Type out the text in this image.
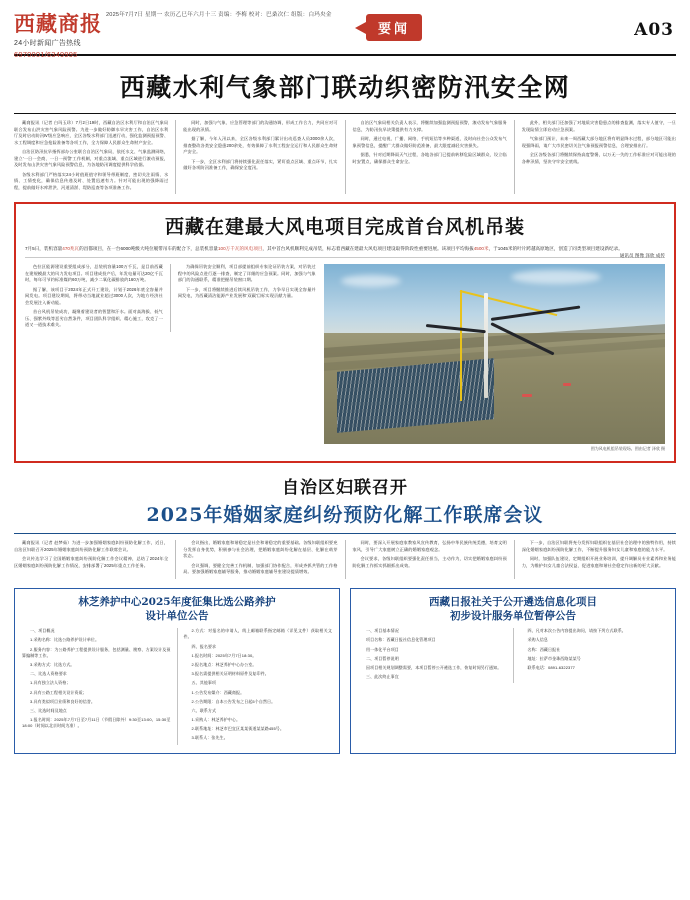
西藏商报
24小时新闻广告热线
6970001/6349995
2025年7月7日 星期一 农历乙巳年六月十三 责编：李梅 校对：巴桑次仁 组版：白玛央金
要闻	A03
西藏水利气象部门联动织密防汛安全网

藏商报讯（记者 白玛玉珍）7月2日19时，西藏自治区水利厅和自治区气象局联合发布山洪灾害气象风险预警。为进一步做好防御水旱灾害工作，自治区水利厅及时启动防汛Ⅳ级应急响应，全区各级水利部门迅速行动，强化监测预报预警、水工程调度和应急抢险准备等各项工作，全力保障人民群众生命财产安全。

自治区防汛抗旱指挥部办公室联合自治区气象局，依托水文、气象监测网络，建立'一日一会商、一日一预警'工作机制，对重点流域、重点区域进行滚动预报，及时发布山洪灾害气象风险预警信息，为各地防汛调度提供科学依据。

各级水利部门严格落实24小时值班值守和领导带班制度，密切关注雨情、水情、工情变化，确保信息传递及时、处置迅速有力。针对可能出现的强降雨过程，提前做好水库泄洪、河道清淤、堤防巡查等各项准备工作。

同时，加强与气象、应急管理等部门的沟通协调，形成工作合力，共同应对可能出现的汛情。

据了解，今年入汛以来，全区各级水利部门累计出动巡查人员3000余人次，排查整改各类安全隐患200余处，有效保障了水利工程安全运行和人民群众生命财产安全。

下一步，全区水利部门将持续强化责任落实，紧盯重点区域、重点环节，扎实做好各项防汛准备工作，确保安全度汛。

自治区气象局相关负责人表示，将继续加强监测预报预警，滚动发布气象服务信息，为防汛抗旱决策提供有力支撑。

同时，通过电视、广播、网络、手机短信等多种渠道，及时向社会公众发布气象预警信息，提醒广大群众做好防范准备，最大限度减轻灾害损失。

据悉，针对近期降雨天气过程，各地各部门已提前转移危险区域群众，设立临时安置点，确保群众生命安全。

此外，相关部门还加强了对地质灾害隐患点的排查监测，落实专人值守，一旦发现险情立即启动应急预案。

气象部门预计，未来一周西藏大部分地区将有明显降水过程，部分地区可能出现强降雨，请广大市民密切关注气象预报预警信息，合理安排出行。

全区各级各部门将继续保持高度警惕，以万无一失的工作标准应对可能出现的各种汛情，坚决守牢安全底线。

西藏在建最大风电项目完成首台风机吊装
7月5日，装机容量470兆瓦的昌都项目，在一台6000吨级大吨位履带吊车的配合下，总装机容量100万千瓦的风电项目，其中首台风机顺利完成吊装，标志着西藏在建最大风电项目建设取得阶段性重要进展。该项目平均海拔4500米，于1045米的叶片跨越高原地区，创造了同类型项目建设新纪录。
通讯员 图像 泽欣 成传

色拉区能源建设重要组成部分，总装机容量100万千瓦，是目前西藏在建规模最大的风力发电项目。项目建成投产后，年发电量可达20亿千瓦时，每年可节约标准煤约60万吨，减少二氧化碳排放约160万吨。

据了解，该项目于2024年正式开工建设，计划于2026年底全容量并网发电。项目建设期间，将带动当地就业超过3000人次，为地方经济社会发展注入新动能。

首台风机吊装成功，凝聚着建设者的智慧和汗水。面对高海拔、低气压、强紫外线等恶劣自然条件，项目团队科学组织、精心施工，攻克了一道又一道技术难关。

为确保吊装安全顺利，项目部提前组织专家论证吊装方案，对吊装过程中的风险点进行逐一排查，制定了详细的应急预案。同时，加强与气象部门的沟通联系，精准把握吊装窗口期。

下一步，项目将继续推进后续风机吊装工作，力争早日实现全容量并网发电，为西藏清洁能源产业发展和'双碳'目标实现贡献力量。

图为风电机组吊装现场。图由记者 泽欣 摄
自治区妇联召开
2025年婚姻家庭纠纷预防化解工作联席会议

藏商报讯（记者 赵梦茹）为进一步加强婚姻家庭纠纷预防化解工作，近日，自治区妇联召开2025年婚姻家庭纠纷预防化解工作联席会议。

会议传达学习了全国婚姻家庭纠纷预防化解工作会议精神，总结了2024年全区婚姻家庭纠纷预防化解工作情况，安排部署了2025年重点工作任务。

会议指出，婚姻家庭和谐稳定是社会和谐稳定的重要基础。各级妇联组织要充分发挥自身优势，积极参与社会治理，把婚姻家庭纠纷化解在基层、化解在萌芽状态。

会议强调，要健全完善工作机制，加强部门协作配合，形成齐抓共管的工作格局。要加强婚姻家庭辅导服务，推动婚姻家庭辅导室建设提质增效。

同时，要深入开展家庭家教家风宣传教育，弘扬中华民族传统美德，培育文明家风，引导广大家庭树立正确的婚姻家庭观念。

会议要求，各级妇联组织要强化责任担当，主动作为，切实把婚姻家庭纠纷预防化解工作抓实抓细抓出成效。

下一步，自治区妇联将充分发挥妇联组织在基层社会治理中的独特作用，持续深化婚姻家庭纠纷预防化解工作，不断提升服务妇女儿童和家庭的能力水平。

同时，加强队伍建设，定期组织开展业务培训，提升调解员专业素养和业务能力，为维护妇女儿童合法权益、促进家庭和谐社会稳定作出新的更大贡献。

林芝养护中心2025年度征集比选公路养护
设计单位公告

一、项目概况

1.采购名称：比选公路养护设计单位。

2.服务内容：为公路养护工程提供设计服务，包括测量、勘察、方案设计及预算编制等工作。

3.采购方式：比选方式。

二、比选人资格要求

1.具有独立法人资格；

2.具有公路工程相关设计资质；

3.具有类似项目业绩和良好的信誉。

三、比选时间及地点

1.报名时间：2025年7月7日至7月11日（节假日除外）9:30至13:00、15:30至18:00（时间以北京时间为准）。

2.方式：对报名的申请人，线上邮箱联系指定邮箱（详见文件）获取相关文件。

四、报名要求

1.报名时间：2025年7月7日18:30。

2.报名地点：林芝养护中心办公室。

3.报名需提供相关证明材料原件及复印件。

五、其他事项

1.公告发布媒介：西藏商报。

2.公告期限：自本公告发布之日起5个自然日。

六、联系方式

1.采购人：林芝养护中心。

2.联系地址：林芝市巴宜区某某街道某某路455号。

3.联系人：张先生。

西藏日报社关于公开遴选信息化项目
初步设计服务单位暂停公告

一、项目基本情况

项目名称：西藏日报社信息化管理项目

用一体化平台项目

二、项目暂停说明

因项目相关规划调整需要，本项目暂停公开遴选工作，恢复时间另行通知。

三、此次终止事宜

四、凡对本次公告内容提出询问，请按下列方式联系。

采购人信息

名称：西藏日报社

地址：拉萨市金珠西路某某号

联系电话：0891-6322377
